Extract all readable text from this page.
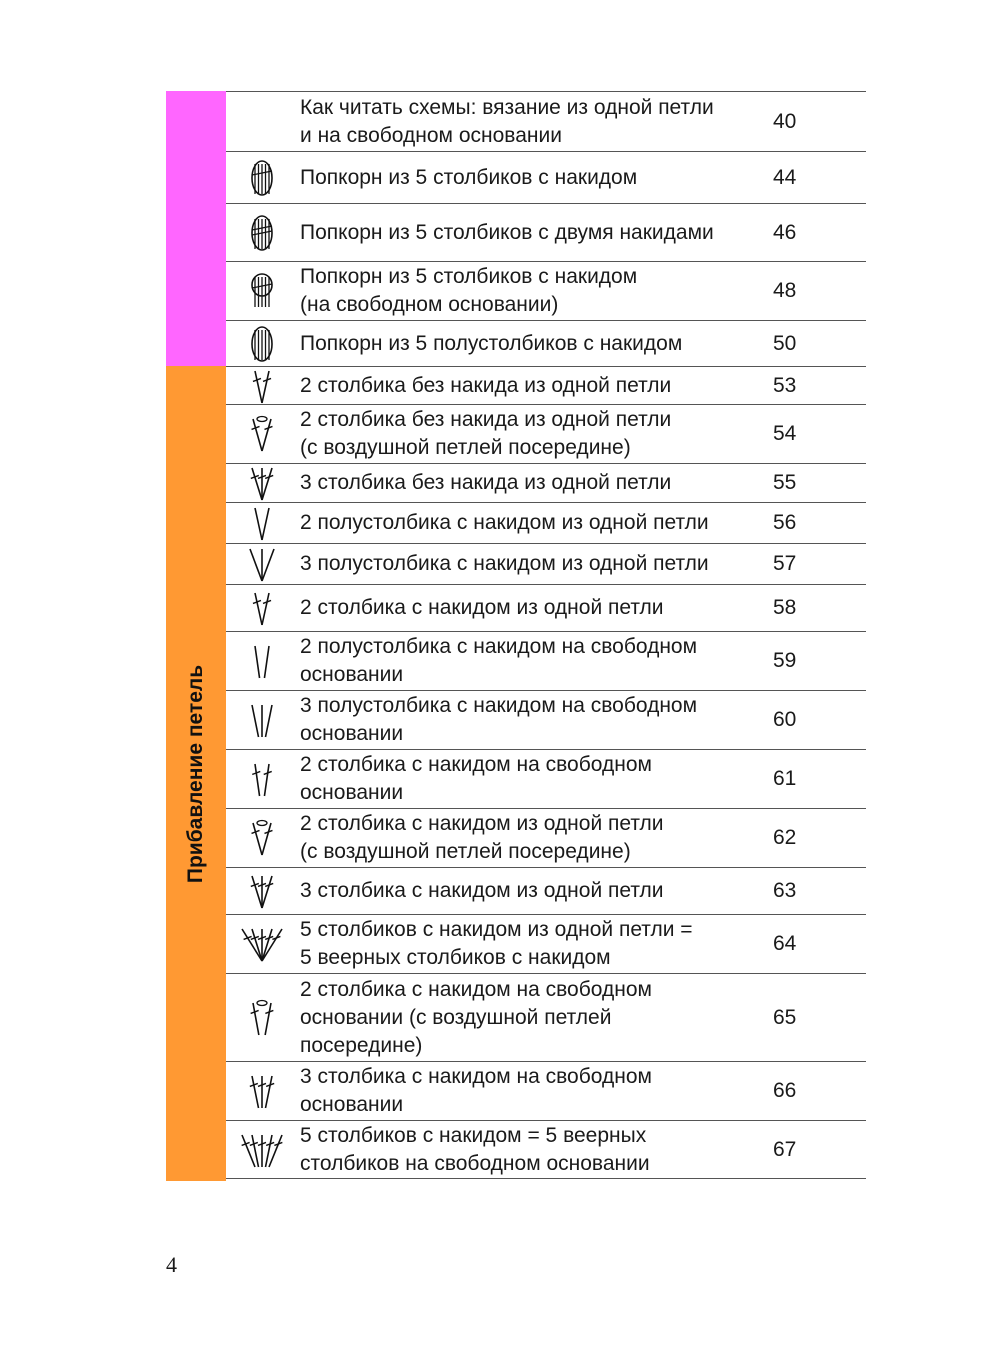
Прибавление петель
Как читать схемы: вязание из одной петли
и на свободном основании
40
Попкорн из 5 столбиков с накидом	44
Попкорн из 5 столбиков с двумя накидами	46
Попкорн из 5 столбиков с накидом
(на свободном основании)
48
Попкорн из 5 полустолбиков с накидом	50
2 столбика без накида из одной петли	53
2 столбика без накида из одной петли
(с воздушной петлей посередине)
54
3 столбика без накида из одной петли	55
2 полустолбика с накидом из одной петли	56
3 полустолбика с накидом из одной петли	57
2 столбика с накидом из одной петли	58
2 полустолбика с накидом на свободном
основании
59
3 полустолбика с накидом на свободном
основании
60
2 столбика с накидом на свободном
основании
61
2 столбика с накидом из одной петли
(с воздушной петлей посередине)
62
3 столбика с накидом из одной петли	63
5 столбиков с накидом из одной петли =
5 веерных столбиков с накидом
64
2 столбика с накидом на свободном
основании (с воздушной петлей
посередине)
65
3 столбика с накидом на свободном
основании
66
5 столбиков с накидом = 5 веерных
столбиков на свободном основании
67
4
